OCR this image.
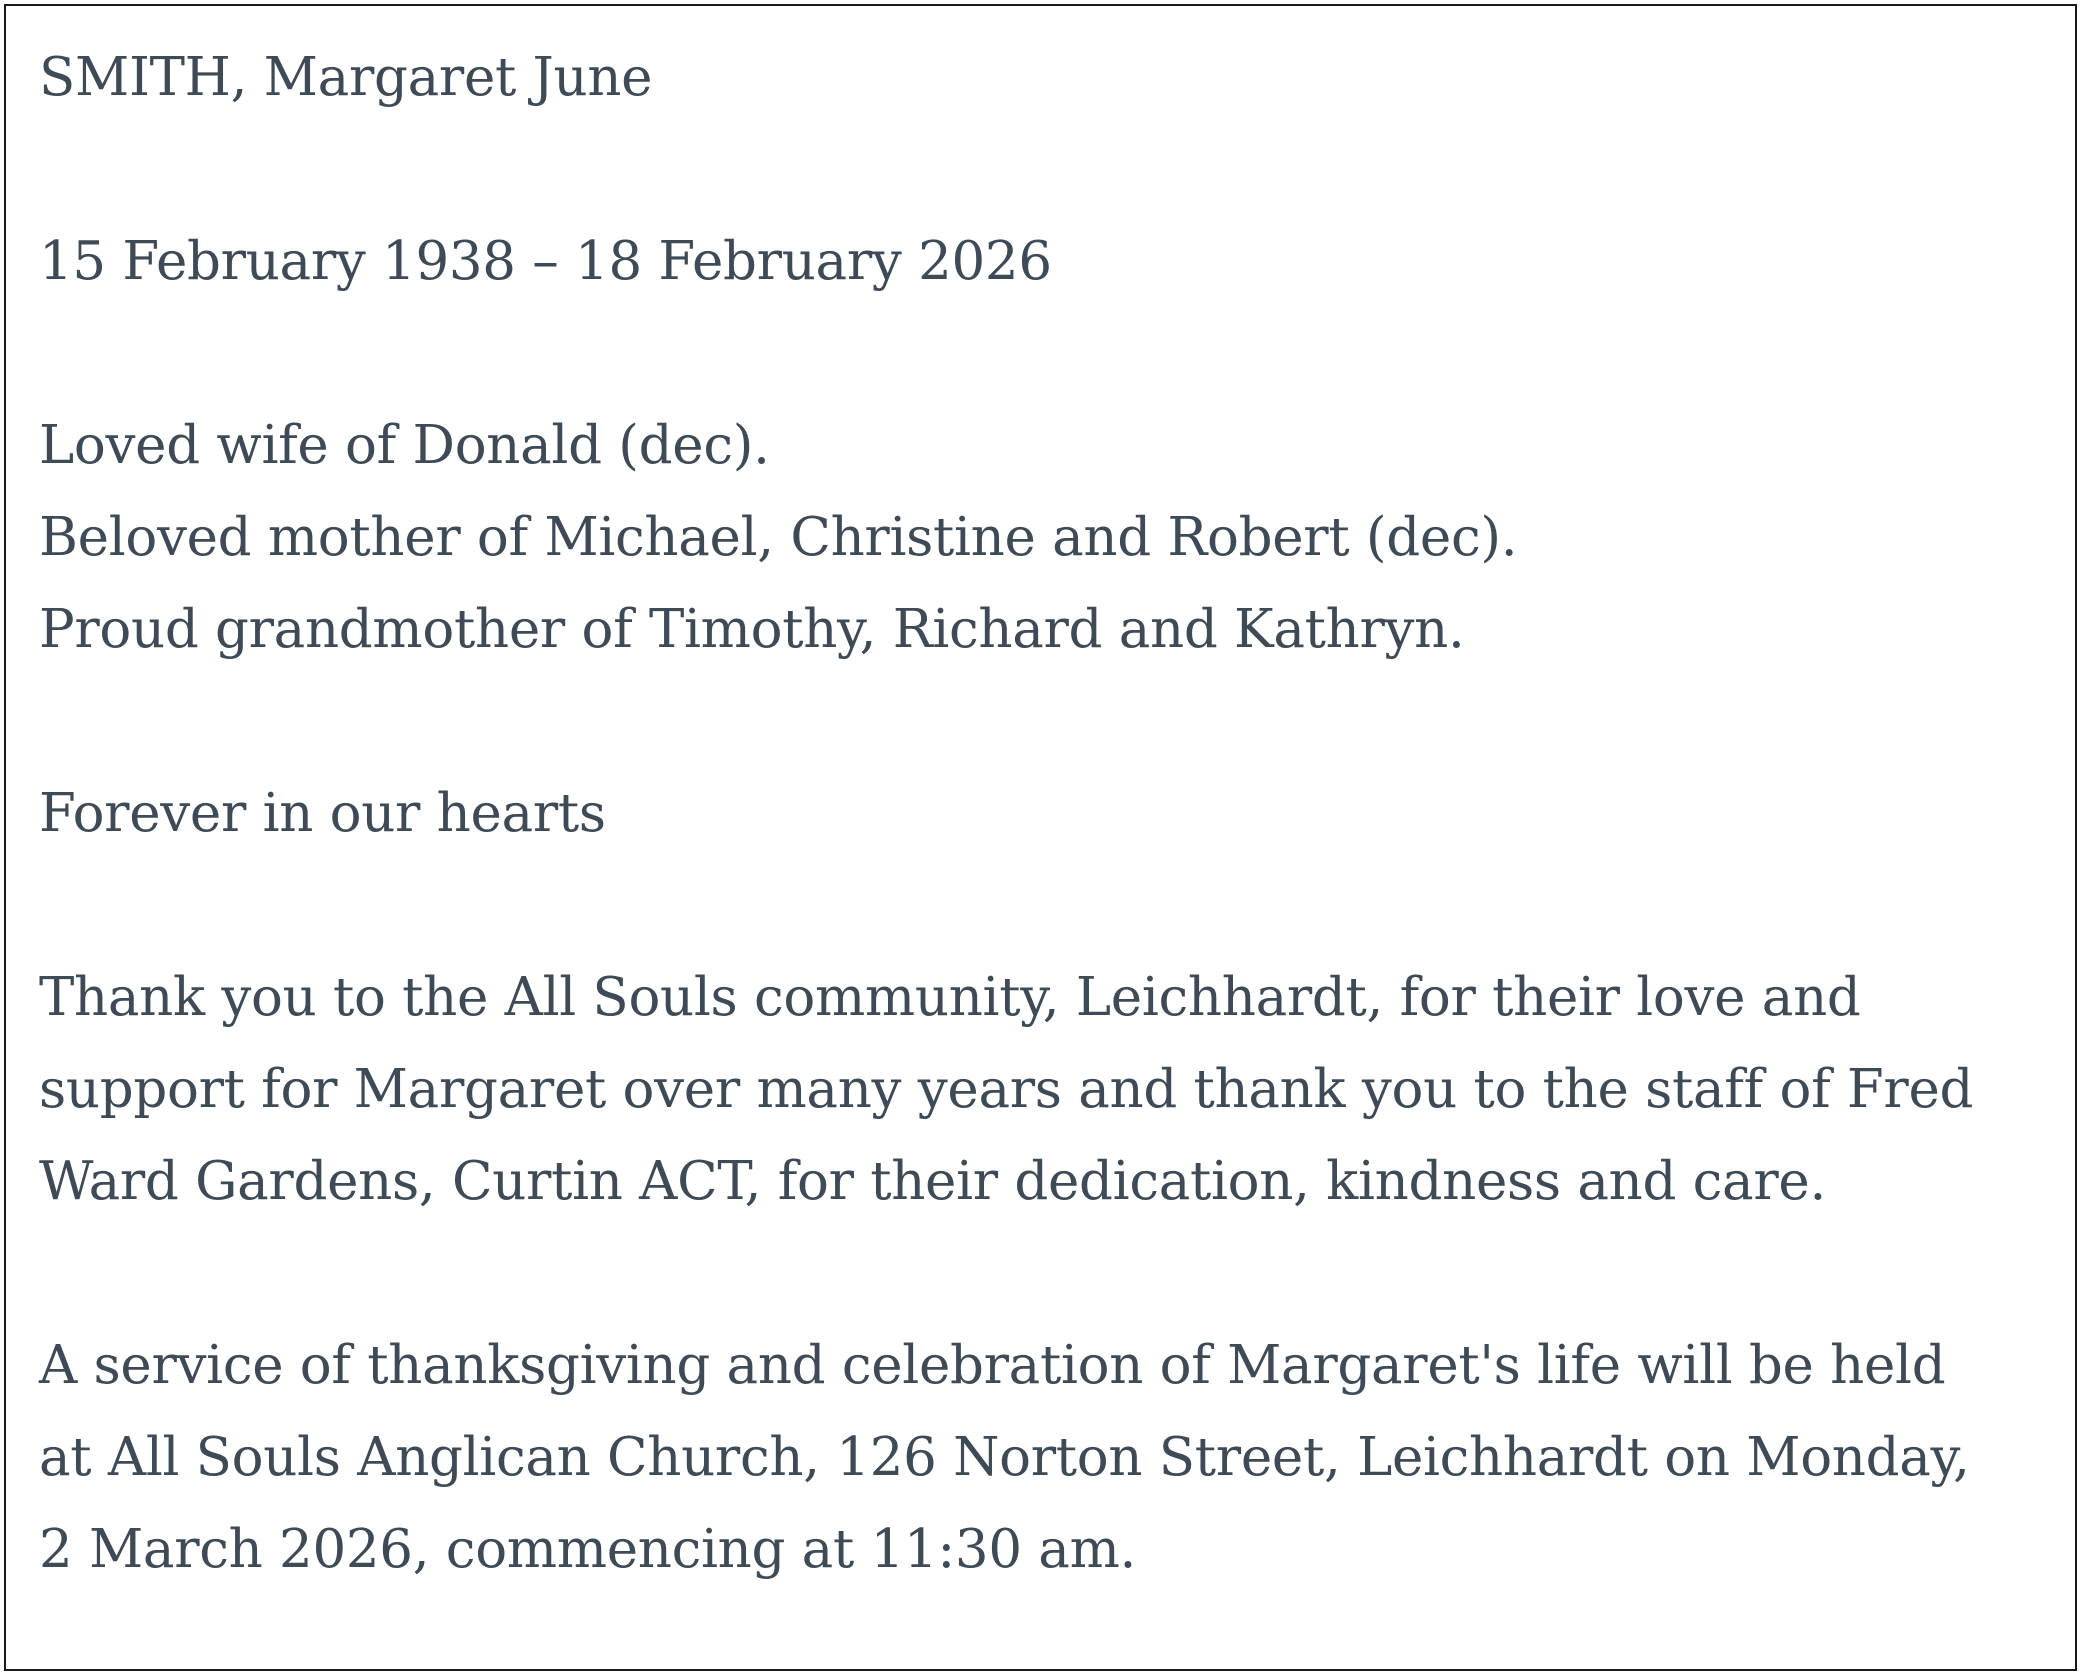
SMITH, Margaret June
15 February 1938 – 18 February 2026
Loved wife of Donald (dec).
Beloved mother of Michael, Christine and Robert (dec).
Proud grandmother of Timothy, Richard and Kathryn.
Forever in our hearts
Thank you to the All Souls community, Leichhardt, for their love and
support for Margaret over many years and thank you to the staff of Fred
Ward Gardens, Curtin ACT, for their dedication, kindness and care.
A service of thanksgiving and celebration of Margaret's life will be held
at All Souls Anglican Church, 126 Norton Street, Leichhardt on Monday,
2 March 2026, commencing at 11:30 am.
